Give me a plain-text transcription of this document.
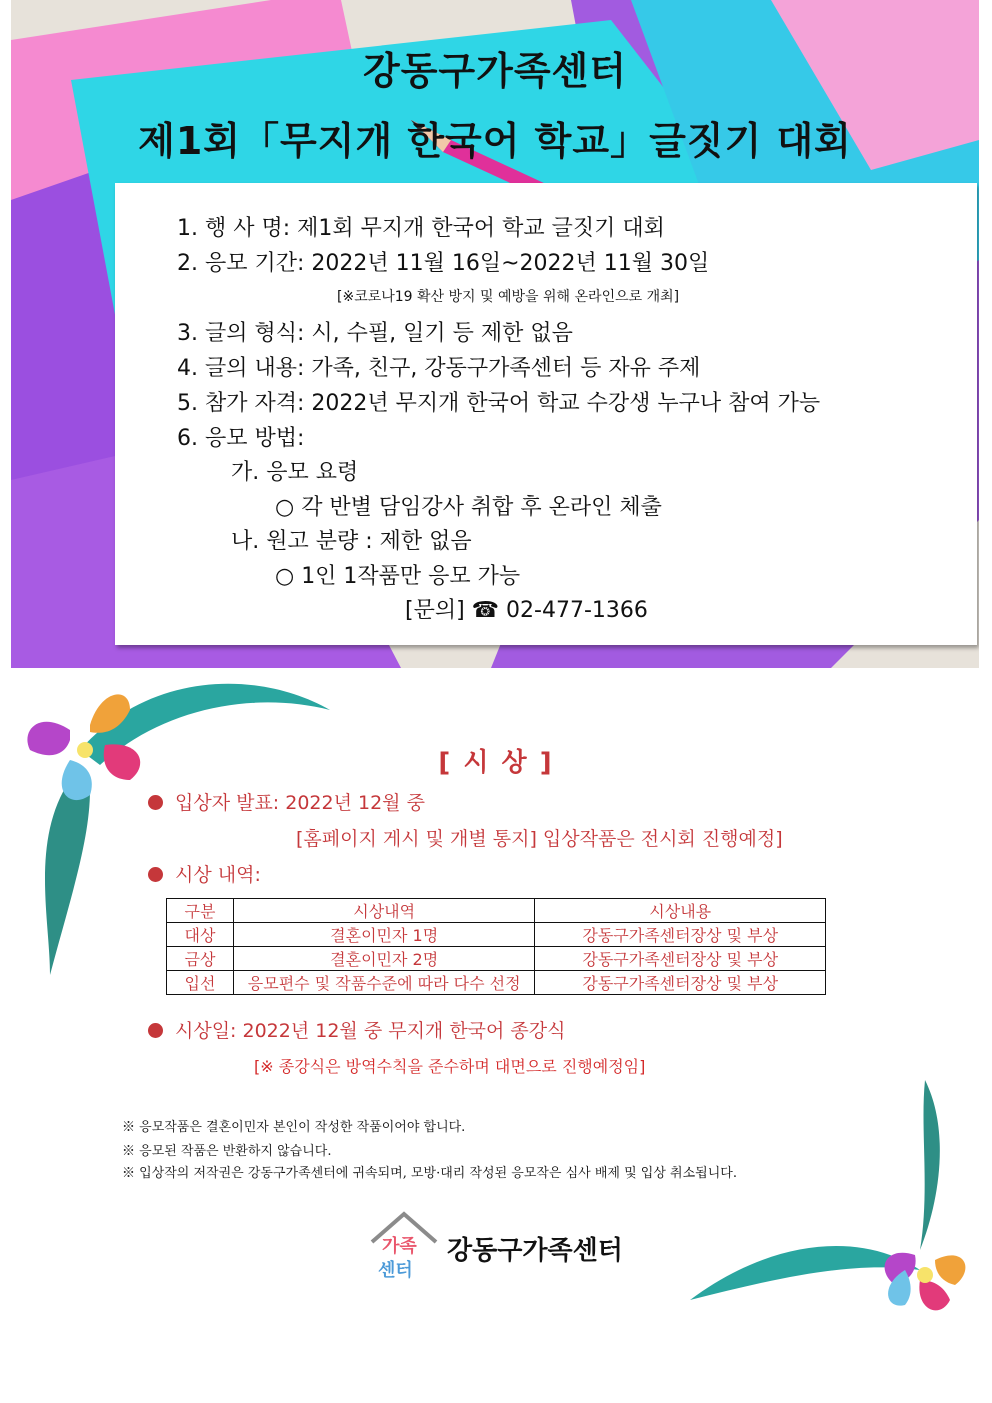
강동구가족센터
제1회「무지개 한국어 학교」글짓기 대회
1. 행 사 명: 제1회 무지개 한국어 학교 글짓기 대회
2. 응모 기간: 2022년 11월 16일~2022년 11월 30일
[※코로나19 확산 방지 및 예방을 위해 온라인으로 개최]
3. 글의 형식: 시, 수필, 일기 등 제한 없음
4. 글의 내용: 가족, 친구, 강동구가족센터 등 자유 주제
5. 참가 자격: 2022년 무지개 한국어 학교 수강생 누구나 참여 가능
6. 응모 방법:
가. 응모 요령
○ 각 반별 담임강사 취합 후 온라인 체출
나. 원고 분량 : 제한 없음
○ 1인 1작품만 응모 가능
[문의] ☎ 02-477-1366
[ 시 상 ]
입상자 발표: 2022년 12월 중
[홈페이지 게시 및 개별 통지] 입상작품은 전시회 진행예정]
시상 내역:
구분	시상내역	시상내용
대상	결혼이민자 1명	강동구가족센터장상 및 부상
금상	결혼이민자 2명	강동구가족센터장상 및 부상
입선	응모편수 및 작품수준에 따라 다수 선정	강동구가족센터장상 및 부상
시상일: 2022년 12월 중 무지개 한국어 종강식
[※ 종강식은 방역수칙을 준수하며 대면으로 진행예정임]
※ 응모작품은 결혼이민자 본인이 작성한 작품이어야 합니다.
※ 응모된 작품은 반환하지 않습니다.
※ 입상작의 저작권은 강동구가족센터에 귀속되며, 모방·대리 작성된 응모작은 심사 배제 및 입상 취소됩니다.
가족
센터
강동구가족센터
